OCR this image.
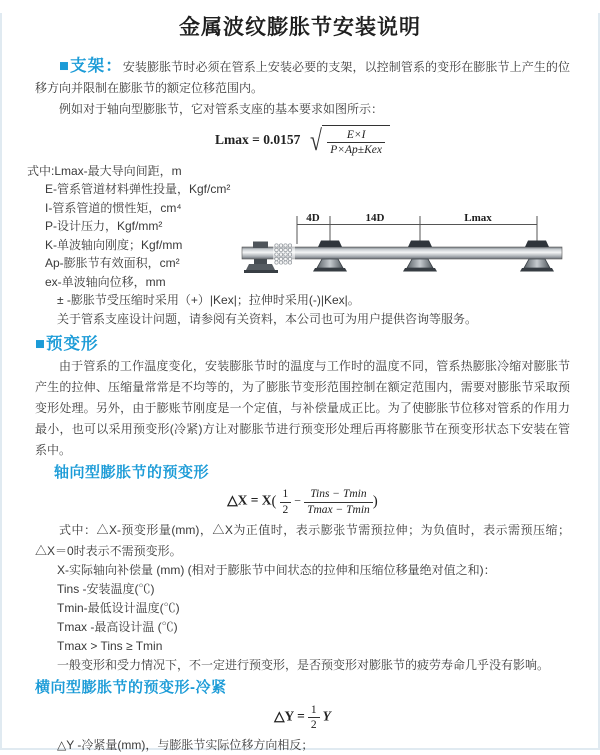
金属波纹膨胀节安装说明

■支架：安装膨胀节时必须在管系上安装必要的支架，以控制管系的变形在膨胀节上产生的位移方向并限制在膨胀节的额定位移范围内。

例如对于轴向型膨胀节，它对管系支座的基本要求如图所示：

Lmax = 0.0157 √ $\frac{E\times I}{\text{P×Ap±Kex}}$
式中:Lmax-最大导向间距，m
E-管系管道材料弹性投量，Kgf/cm²
I-管系管道的惯性矩，cm⁴
P-设计压力，Kgf/mm²
K-单波轴向刚度；Kgf/mm
Ap-膨胀节有效面积，cm²
ex-单波轴向位移，mm

± -膨胀节受压缩时采用（+）|Kex|；拉伸时采用(-)|Kex|。

关于管系支座设计问题，请参阅有关资料，本公司也可为用户提供咨询等服务。

■预变形

由于管系的工作温度变化，安装膨胀节时的温度与工作时的温度不同，管系热膨胀冷缩对膨胀节产生的拉伸、压缩量常常是不均等的，为了膨胀节变形范围控制在额定范围内，需要对膨胀节采取预变形处理。另外，由于膨账节刚度是一个定值，与补偿量成正比。为了使膨胀节位移对管系的作用力最小，也可以采用预变形(冷紧)方让对膨胀节进行预变形处理后再将膨胀节在预变形状态下安装在管系中。

轴向型膨胀节的预变形
△X = $X( \frac{1}{2} - \frac{\text{Tins − Tmin}}{Tmax - Tmin}$ )

式中：△X-预变形量(mm)，△X为正值时，表示膨张节需预拉伸；为负值时，表示需预压缩；△X＝0时表示不需预变形。

X-实际轴向补偿量 (mm) (相对于膨胀节中间状态的拉伸和压缩位移量绝对值之和)：
Tins -安装温度(℃)
Tmin-最低设计温度(℃)
Tmax -最高设计温 (℃)
Tmax > Tins ≥ Tmin
一般变形和受力情况下，不一定进行预变形，是否预变形对膨胀节的疲劳寿命几乎没有影响。
横向型膨胀节的预变形-冷紧
△Y = $\frac{1}{2}$ Y

△Y -冷紧量(mm)，与膨胀节实际位移方向相反；

4D	14D	Lmax
